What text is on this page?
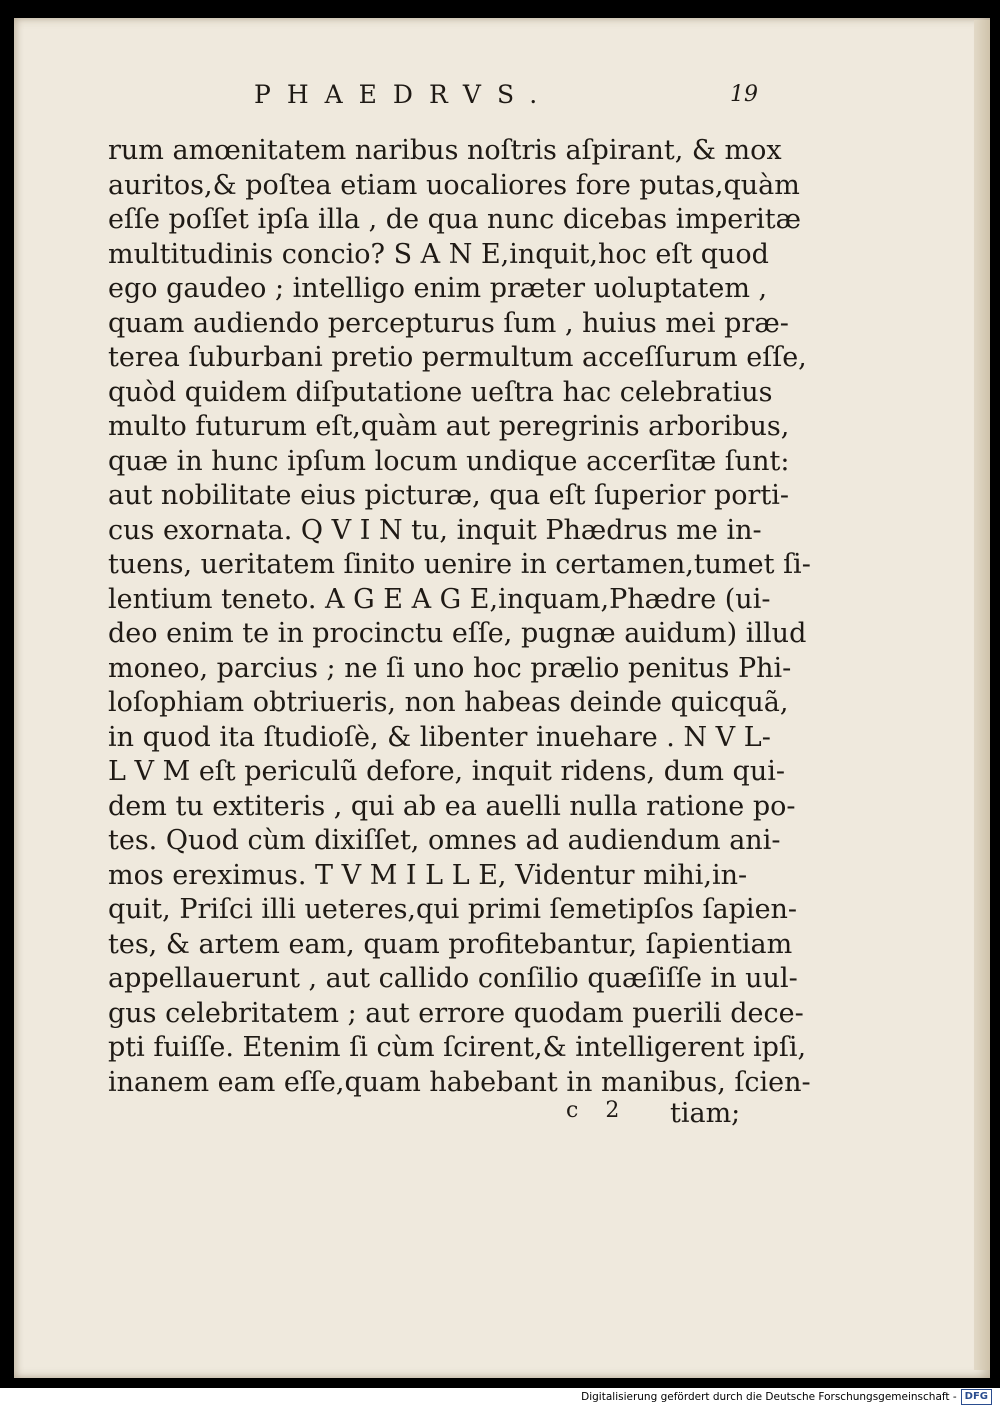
PHAEDRVS.	19
rum amœnitatem naribus noſtris aſpirant, & mox
auritos,& poſtea etiam uocaliores fore putas,quàm
eſſe poſſet ipſa illa , de qua nunc dicebas imperitæ
multitudinis concio? S A N E,inquit,hoc eſt quod
ego gaudeo ; intelligo enim præter uoluptatem ,
quam audiendo percepturus ſum , huius mei præ-
terea ſuburbani pretio permultum acceſſurum eſſe,
quòd quidem diſputatione ueſtra hac celebratius
multo futurum eſt,quàm aut peregrinis arboribus,
quæ in hunc ipſum locum undique accerſitæ ſunt:
aut nobilitate eius picturæ, qua eſt ſuperior porti-
cus exornata. Q V I N tu, inquit Phædrus me in-
tuens, ueritatem ſinito uenire in certamen,tumet ſi-
lentium teneto. A G E A G E,inquam,Phædre (ui-
deo enim te in procinctu eſſe, pugnæ auidum) illud
moneo, parcius ; ne ſi uno hoc prælio penitus Phi-
loſophiam obtriueris, non habeas deinde quicquã,
in quod ita ſtudioſè, & libenter inuehare . N V L-
L V M eſt periculũ defore, inquit ridens, dum qui-
dem tu extiteris , qui ab ea auelli nulla ratione po-
tes. Quod cùm dixiſſet, omnes ad audiendum ani-
mos ereximus. T V M I L L E, Videntur mihi,in-
quit, Priſci illi ueteres,qui primi ſemetipſos ſapien-
tes, & artem eam, quam profitebantur, ſapientiam
appellauerunt , aut callido conſilio quæſiſſe in uul-
gus celebritatem ; aut errore quodam puerili dece-
pti fuiſſe. Etenim ſi cùm ſcirent,& intelligerent ipſi,
inanem eam eſſe,quam habebant in manibus, ſcien-
c 2 tiam;
Digitalisierung gefördert durch die Deutsche Forschungsgemeinschaft - DFG
